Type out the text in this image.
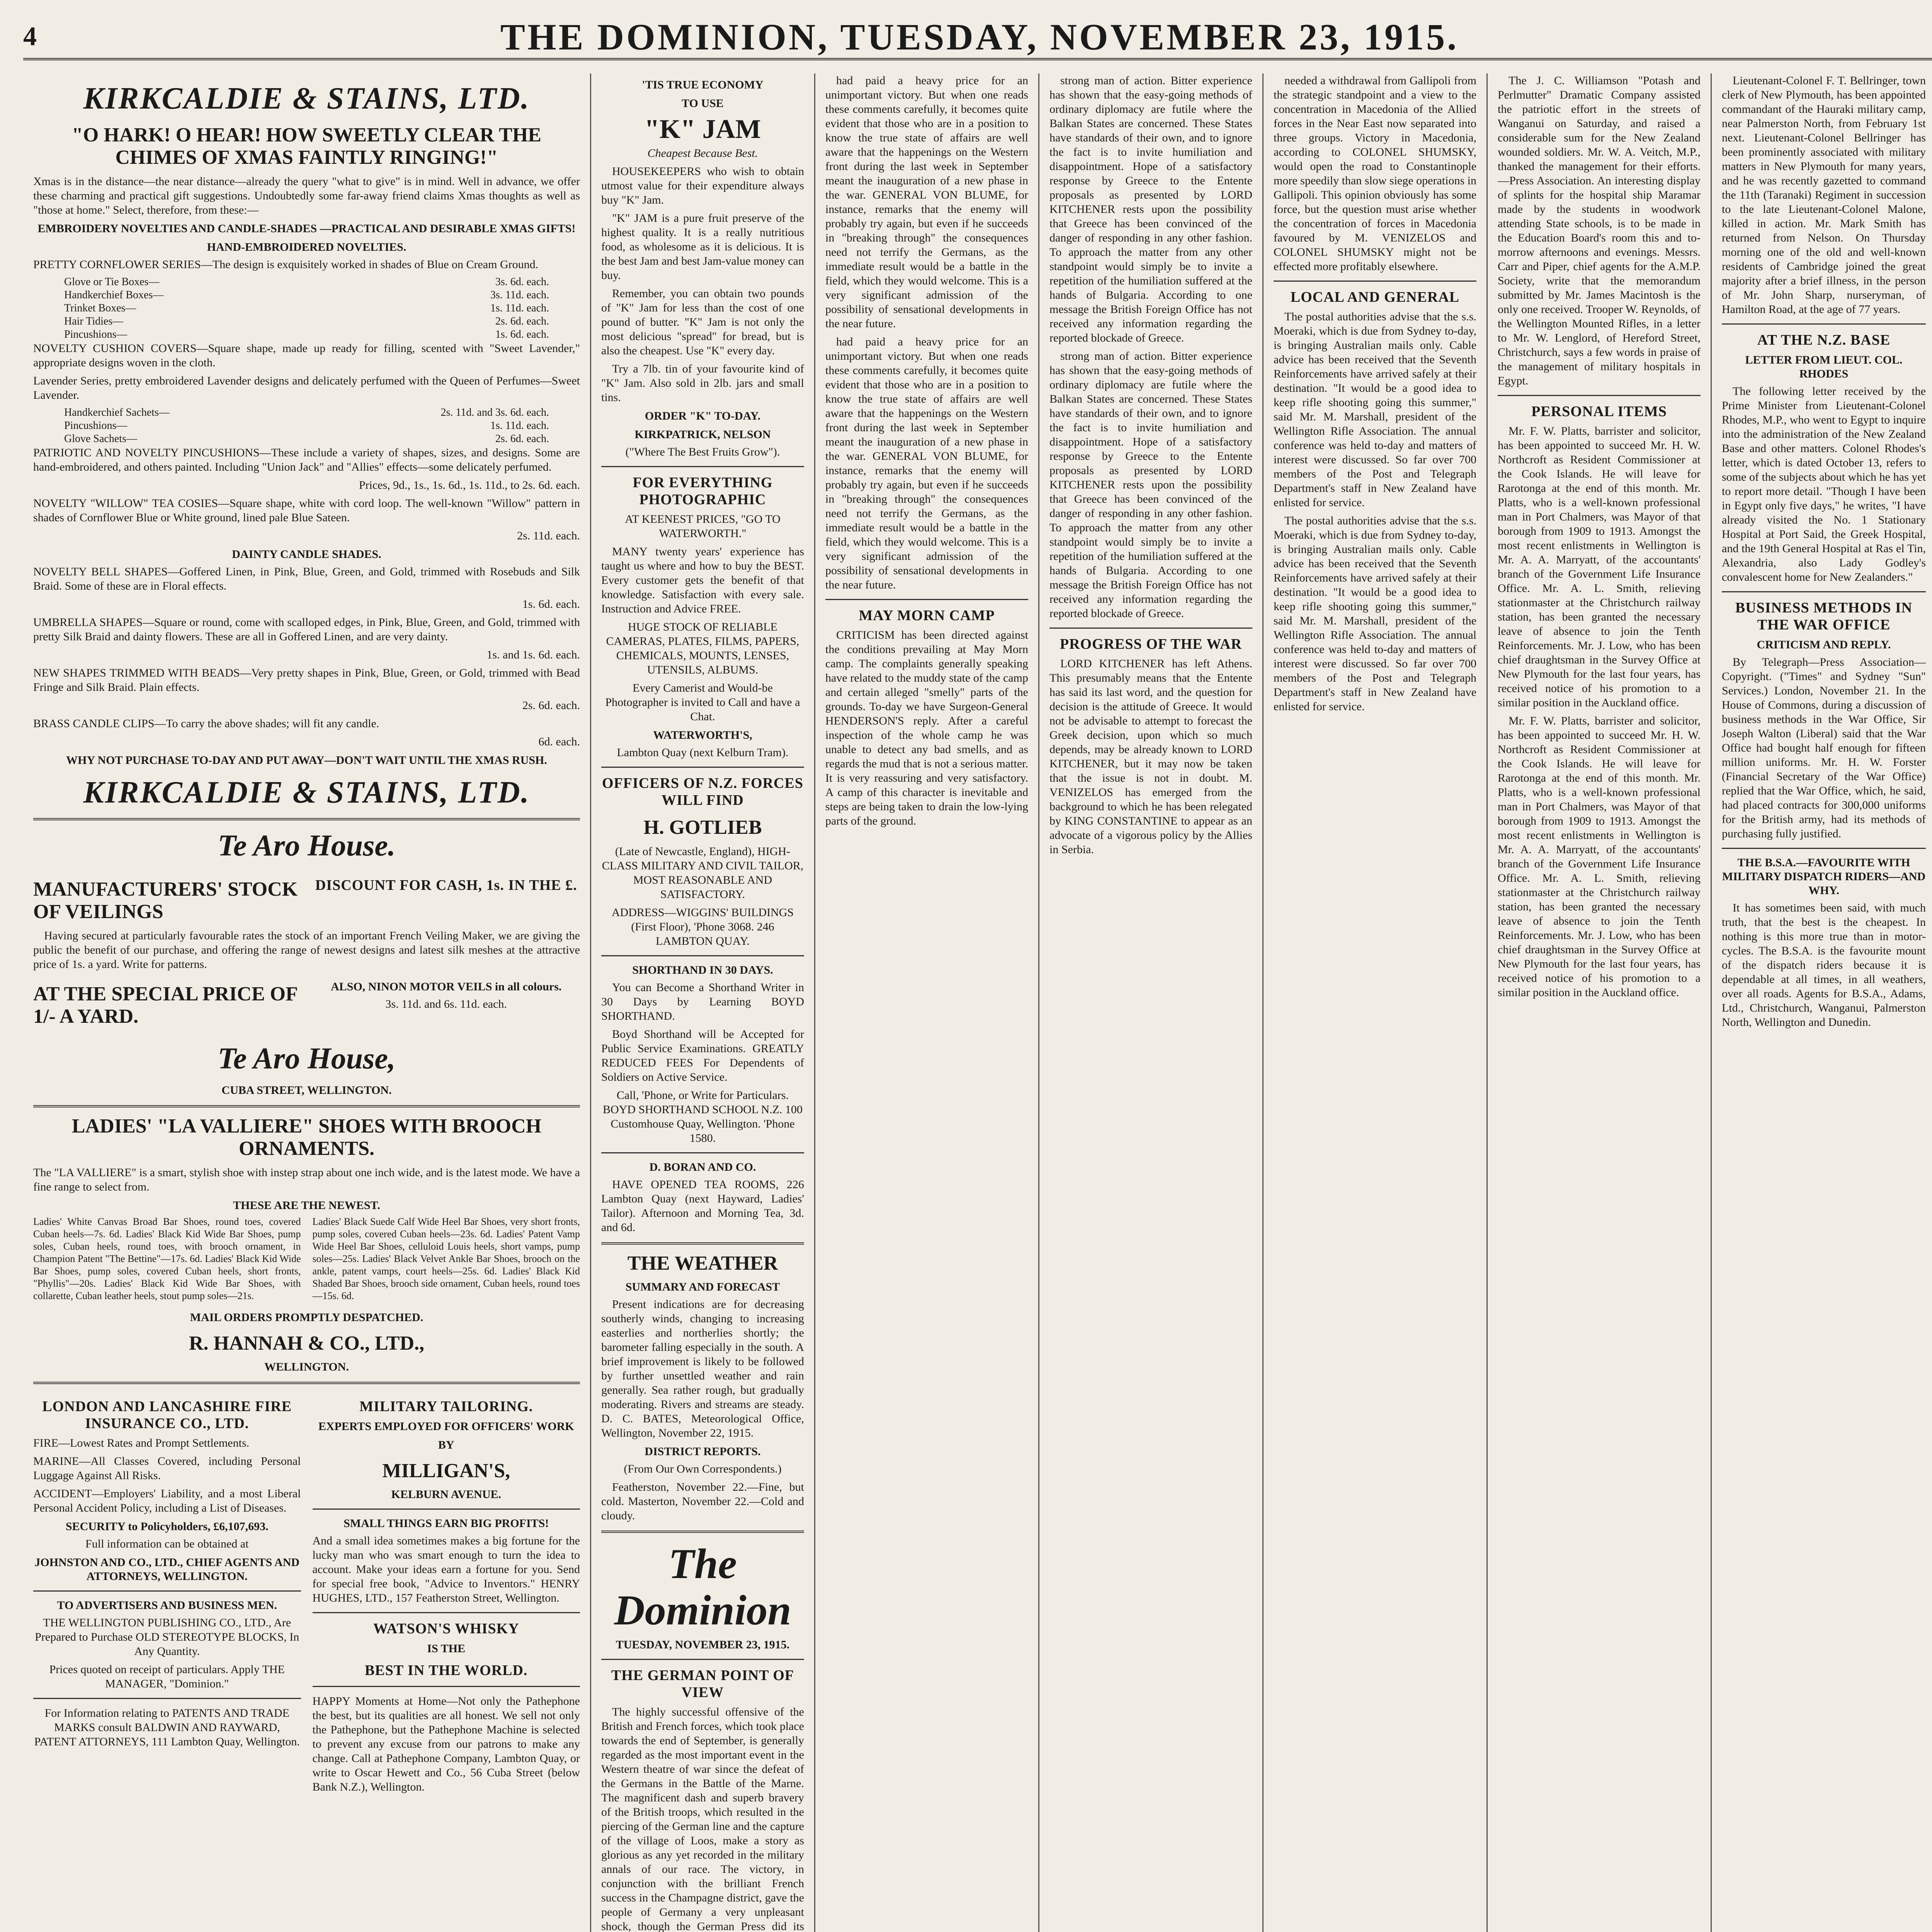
4	THE DOMINION, TUESDAY, NOVEMBER 23, 1915.
KIRKCALDIE & STAINS, LTD.
"O HARK! O HEAR! HOW SWEETLY CLEAR THE CHIMES OF XMAS FAINTLY RINGING!"

Xmas is in the distance—the near distance—already the query "what to give" is in mind. Well in advance, we offer these charming and practical gift suggestions. Undoubtedly some far-away friend claims Xmas thoughts as well as "those at home." Select, therefore, from these:—

EMBROIDERY NOVELTIES AND CANDLE-SHADES —PRACTICAL AND DESIRABLE XMAS GIFTS!
HAND-EMBROIDERED NOVELTIES.

PRETTY CORNFLOWER SERIES—The design is exquisitely worked in shades of Blue on Cream Ground.

Glove or Tie Boxes—	3s. 6d. each.
Handkerchief Boxes—	3s. 11d. each.
Trinket Boxes—	1s. 11d. each.
Hair Tidies—	2s. 6d. each.
Pincushions—	1s. 6d. each.

NOVELTY CUSHION COVERS—Square shape, made up ready for filling, scented with "Sweet Lavender," appropriate designs woven in the cloth.

Lavender Series, pretty embroidered Lavender designs and delicately perfumed with the Queen of Perfumes—Sweet Lavender.

Handkerchief Sachets—	2s. 11d. and 3s. 6d. each.
Pincushions—	1s. 11d. each.
Glove Sachets—	2s. 6d. each.

PATRIOTIC AND NOVELTY PINCUSHIONS—These include a variety of shapes, sizes, and designs. Some are hand-embroidered, and others painted. Including "Union Jack" and "Allies" effects—some delicately perfumed.

Prices, 9d., 1s., 1s. 6d., 1s. 11d., to 2s. 6d. each.

NOVELTY "WILLOW" TEA COSIES—Square shape, white with cord loop. The well-known "Willow" pattern in shades of Cornflower Blue or White ground, lined pale Blue Sateen.

2s. 11d. each.

DAINTY CANDLE SHADES.

NOVELTY BELL SHAPES—Goffered Linen, in Pink, Blue, Green, and Gold, trimmed with Rosebuds and Silk Braid. Some of these are in Floral effects.

1s. 6d. each.

UMBRELLA SHAPES—Square or round, come with scalloped edges, in Pink, Blue, Green, and Gold, trimmed with pretty Silk Braid and dainty flowers. These are all in Goffered Linen, and are very dainty.

1s. and 1s. 6d. each.

NEW SHAPES TRIMMED WITH BEADS—Very pretty shapes in Pink, Blue, Green, or Gold, trimmed with Bead Fringe and Silk Braid. Plain effects.

2s. 6d. each.

BRASS CANDLE CLIPS—To carry the above shades; will fit any candle.

6d. each.

WHY NOT PURCHASE TO-DAY AND PUT AWAY—DON'T WAIT UNTIL THE XMAS RUSH.
KIRKCALDIE & STAINS, LTD.
Te Aro House.
MANUFACTURERS' STOCK OF VEILINGS
DISCOUNT FOR CASH, 1s. IN THE £.

Having secured at particularly favourable rates the stock of an important French Veiling Maker, we are giving the public the benefit of our purchase, and offering the range of newest designs and latest silk meshes at the attractive price of 1s. a yard. Write for patterns.

AT THE SPECIAL PRICE OF 1/- A YARD.
ALSO, NINON MOTOR VEILS in all colours.

3s. 11d. and 6s. 11d. each.

Te Aro House,
CUBA STREET, WELLINGTON.
LADIES' "LA VALLIERE" SHOES WITH BROOCH ORNAMENTS.

The "LA VALLIERE" is a smart, stylish shoe with instep strap about one inch wide, and is the latest mode. We have a fine range to select from.

THESE ARE THE NEWEST.

Ladies' White Canvas Broad Bar Shoes, round toes, covered Cuban heels—7s. 6d. Ladies' Black Kid Wide Bar Shoes, pump soles, Cuban heels, round toes, with brooch ornament, in Champion Patent "The Bettine"—17s. 6d. Ladies' Black Kid Wide Bar Shoes, pump soles, covered Cuban heels, short fronts, "Phyllis"—20s. Ladies' Black Kid Wide Bar Shoes, with collarette, Cuban leather heels, stout pump soles—21s.

Ladies' Black Suede Calf Wide Heel Bar Shoes, very short fronts, pump soles, covered Cuban heels—23s. 6d. Ladies' Patent Vamp Wide Heel Bar Shoes, celluloid Louis heels, short vamps, pump soles—25s. Ladies' Black Velvet Ankle Bar Shoes, brooch on the ankle, patent vamps, court heels—25s. 6d. Ladies' Black Kid Shaded Bar Shoes, brooch side ornament, Cuban heels, round toes—15s. 6d.

MAIL ORDERS PROMPTLY DESPATCHED.
R. HANNAH & CO., LTD.,
WELLINGTON.
LONDON AND LANCASHIRE FIRE INSURANCE CO., LTD.

FIRE—Lowest Rates and Prompt Settlements.

MARINE—All Classes Covered, including Personal Luggage Against All Risks.

ACCIDENT—Employers' Liability, and a most Liberal Personal Accident Policy, including a List of Diseases.

SECURITY to Policyholders, £6,107,693.

Full information can be obtained at

JOHNSTON AND CO., LTD., CHIEF AGENTS AND ATTORNEYS, WELLINGTON.
TO ADVERTISERS AND BUSINESS MEN.

THE WELLINGTON PUBLISHING CO., LTD., Are Prepared to Purchase OLD STEREOTYPE BLOCKS, In Any Quantity.

Prices quoted on receipt of particulars. Apply THE MANAGER, "Dominion."

For Information relating to PATENTS AND TRADE MARKS consult BALDWIN AND RAYWARD, PATENT ATTORNEYS, 111 Lambton Quay, Wellington.

MILITARY TAILORING.
EXPERTS EMPLOYED FOR OFFICERS' WORK
BY
MILLIGAN'S,
KELBURN AVENUE.
SMALL THINGS EARN BIG PROFITS!

And a small idea sometimes makes a big fortune for the lucky man who was smart enough to turn the idea to account. Make your ideas earn a fortune for you. Send for special free book, "Advice to Inventors." HENRY HUGHES, LTD., 157 Featherston Street, Wellington.

WATSON'S WHISKY
IS THE
BEST IN THE WORLD.

HAPPY Moments at Home—Not only the Pathephone the best, but its qualities are all honest. We sell not only the Pathephone, but the Pathephone Machine is selected to prevent any excuse from our patrons to make any change. Call at Pathephone Company, Lambton Quay, or write to Oscar Hewett and Co., 56 Cuba Street (below Bank N.Z.), Wellington.

'TIS TRUE ECONOMY
TO USE
"K" JAM

Cheapest Because Best.

HOUSEKEEPERS who wish to obtain utmost value for their expenditure always buy "K" Jam.

"K" JAM is a pure fruit preserve of the highest quality. It is a really nutritious food, as wholesome as it is delicious. It is the best Jam and best Jam-value money can buy.

Remember, you can obtain two pounds of "K" Jam for less than the cost of one pound of butter. "K" Jam is not only the most delicious "spread" for bread, but is also the cheapest. Use "K" every day.

Try a 7lb. tin of your favourite kind of "K" Jam. Also sold in 2lb. jars and small tins.

ORDER "K" TO-DAY.
KIRKPATRICK, NELSON

("Where The Best Fruits Grow").

FOR EVERYTHING PHOTOGRAPHIC

AT KEENEST PRICES, "GO TO WATERWORTH."

MANY twenty years' experience has taught us where and how to buy the BEST. Every customer gets the benefit of that knowledge. Satisfaction with every sale. Instruction and Advice FREE.

HUGE STOCK OF RELIABLE CAMERAS, PLATES, FILMS, PAPERS, CHEMICALS, MOUNTS, LENSES, UTENSILS, ALBUMS.

Every Camerist and Would-be Photographer is invited to Call and have a Chat.

WATERWORTH'S,

Lambton Quay (next Kelburn Tram).

OFFICERS OF N.Z. FORCES WILL FIND
H. GOTLIEB

(Late of Newcastle, England), HIGH-CLASS MILITARY AND CIVIL TAILOR, MOST REASONABLE AND SATISFACTORY.

ADDRESS—WIGGINS' BUILDINGS (First Floor), 'Phone 3068. 246 LAMBTON QUAY.

SHORTHAND IN 30 DAYS.

You can Become a Shorthand Writer in 30 Days by Learning BOYD SHORTHAND.

Boyd Shorthand will be Accepted for Public Service Examinations. GREATLY REDUCED FEES For Dependents of Soldiers on Active Service.

Call, 'Phone, or Write for Particulars. BOYD SHORTHAND SCHOOL N.Z. 100 Customhouse Quay, Wellington. 'Phone 1580.

D. BORAN AND CO.

HAVE OPENED TEA ROOMS, 226 Lambton Quay (next Hayward, Ladies' Tailor). Afternoon and Morning Tea, 3d. and 6d.

THE WEATHER
SUMMARY AND FORECAST

Present indications are for decreasing southerly winds, changing to increasing easterlies and northerlies shortly; the barometer falling especially in the south. A brief improvement is likely to be followed by further unsettled weather and rain generally. Sea rather rough, but gradually moderating. Rivers and streams are steady. D. C. BATES, Meteorological Office, Wellington, November 22, 1915.

DISTRICT REPORTS.

(From Our Own Correspondents.)

Featherston, November 22.—Fine, but cold. Masterton, November 22.—Cold and cloudy.

The Dominion
TUESDAY, NOVEMBER 23, 1915.
THE GERMAN POINT OF VIEW

The highly successful offensive of the British and French forces, which took place towards the end of September, is generally regarded as the most important event in the Western theatre of war since the defeat of the Germans in the Battle of the Marne. The magnificent dash and superb bravery of the British troops, which resulted in the piercing of the German line and the capture of the village of Loos, make a story as glorious as any yet recorded in the military annals of our race. The victory, in conjunction with the brilliant French success in the Champagne district, gave the people of Germany a very unpleasant shock, though the German Press did its

had paid a heavy price for an unimportant victory. But when one reads these comments carefully, it becomes quite evident that those who are in a position to know the true state of affairs are well aware that the happenings on the Western front during the last week in September meant the inauguration of a new phase in the war. GENERAL VON BLUME, for instance, remarks that the enemy will probably try again, but even if he succeeds in "breaking through" the consequences need not terrify the Germans, as the immediate result would be a battle in the field, which they would welcome. This is a very significant admission of the possibility of sensational developments in the near future.

had paid a heavy price for an unimportant victory. But when one reads these comments carefully, it becomes quite evident that those who are in a position to know the true state of affairs are well aware that the happenings on the Western front during the last week in September meant the inauguration of a new phase in the war. GENERAL VON BLUME, for instance, remarks that the enemy will probably try again, but even if he succeeds in "breaking through" the consequences need not terrify the Germans, as the immediate result would be a battle in the field, which they would welcome. This is a very significant admission of the possibility of sensational developments in the near future.

MAY MORN CAMP

CRITICISM has been directed against the conditions prevailing at May Morn camp. The complaints generally speaking have related to the muddy state of the camp and certain alleged "smelly" parts of the grounds. To-day we have Surgeon-General HENDERSON'S reply. After a careful inspection of the whole camp he was unable to detect any bad smells, and as regards the mud that is not a serious matter. It is very reassuring and very satisfactory. A camp of this character is inevitable and steps are being taken to drain the low-lying parts of the ground.

strong man of action. Bitter experience has shown that the easy-going methods of ordinary diplomacy are futile where the Balkan States are concerned. These States have standards of their own, and to ignore the fact is to invite humiliation and disappointment. Hope of a satisfactory response by Greece to the Entente proposals as presented by LORD KITCHENER rests upon the possibility that Greece has been convinced of the danger of responding in any other fashion. To approach the matter from any other standpoint would simply be to invite a repetition of the humiliation suffered at the hands of Bulgaria. According to one message the British Foreign Office has not received any information regarding the reported blockade of Greece.

strong man of action. Bitter experience has shown that the easy-going methods of ordinary diplomacy are futile where the Balkan States are concerned. These States have standards of their own, and to ignore the fact is to invite humiliation and disappointment. Hope of a satisfactory response by Greece to the Entente proposals as presented by LORD KITCHENER rests upon the possibility that Greece has been convinced of the danger of responding in any other fashion. To approach the matter from any other standpoint would simply be to invite a repetition of the humiliation suffered at the hands of Bulgaria. According to one message the British Foreign Office has not received any information regarding the reported blockade of Greece.

PROGRESS OF THE WAR

LORD KITCHENER has left Athens. This presumably means that the Entente has said its last word, and the question for decision is the attitude of Greece. It would not be advisable to attempt to forecast the Greek decision, upon which so much depends, may be already known to LORD KITCHENER, but it may now be taken that the issue is not in doubt. M. VENIZELOS has emerged from the background to which he has been relegated by KING CONSTANTINE to appear as an advocate of a vigorous policy by the Allies in Serbia.

needed a withdrawal from Gallipoli from the strategic standpoint and a view to the concentration in Macedonia of the Allied forces in the Near East now separated into three groups. Victory in Macedonia, according to COLONEL SHUMSKY, would open the road to Constantinople more speedily than slow siege operations in Gallipoli. This opinion obviously has some force, but the question must arise whether the concentration of forces in Macedonia favoured by M. VENIZELOS and COLONEL SHUMSKY might not be effected more profitably elsewhere.

LOCAL AND GENERAL

The postal authorities advise that the s.s. Moeraki, which is due from Sydney to-day, is bringing Australian mails only. Cable advice has been received that the Seventh Reinforcements have arrived safely at their destination. "It would be a good idea to keep rifle shooting going this summer," said Mr. M. Marshall, president of the Wellington Rifle Association. The annual conference was held to-day and matters of interest were discussed. So far over 700 members of the Post and Telegraph Department's staff in New Zealand have enlisted for service.

The postal authorities advise that the s.s. Moeraki, which is due from Sydney to-day, is bringing Australian mails only. Cable advice has been received that the Seventh Reinforcements have arrived safely at their destination. "It would be a good idea to keep rifle shooting going this summer," said Mr. M. Marshall, president of the Wellington Rifle Association. The annual conference was held to-day and matters of interest were discussed. So far over 700 members of the Post and Telegraph Department's staff in New Zealand have enlisted for service.

The J. C. Williamson "Potash and Perlmutter" Dramatic Company assisted the patriotic effort in the streets of Wanganui on Saturday, and raised a considerable sum for the New Zealand wounded soldiers. Mr. W. A. Veitch, M.P., thanked the management for their efforts.—Press Association. An interesting display of splints for the hospital ship Maramar made by the students in woodwork attending State schools, is to be made in the Education Board's room this and to-morrow afternoons and evenings. Messrs. Carr and Piper, chief agents for the A.M.P. Society, write that the memorandum submitted by Mr. James Macintosh is the only one received. Trooper W. Reynolds, of the Wellington Mounted Rifles, in a letter to Mr. W. Lenglord, of Hereford Street, Christchurch, says a few words in praise of the management of military hospitals in Egypt.

PERSONAL ITEMS

Mr. F. W. Platts, barrister and solicitor, has been appointed to succeed Mr. H. W. Northcroft as Resident Commissioner at the Cook Islands. He will leave for Rarotonga at the end of this month. Mr. Platts, who is a well-known professional man in Port Chalmers, was Mayor of that borough from 1909 to 1913. Amongst the most recent enlistments in Wellington is Mr. A. A. Marryatt, of the accountants' branch of the Government Life Insurance Office. Mr. A. L. Smith, relieving stationmaster at the Christchurch railway station, has been granted the necessary leave of absence to join the Tenth Reinforcements. Mr. J. Low, who has been chief draughtsman in the Survey Office at New Plymouth for the last four years, has received notice of his promotion to a similar position in the Auckland office.

Mr. F. W. Platts, barrister and solicitor, has been appointed to succeed Mr. H. W. Northcroft as Resident Commissioner at the Cook Islands. He will leave for Rarotonga at the end of this month. Mr. Platts, who is a well-known professional man in Port Chalmers, was Mayor of that borough from 1909 to 1913. Amongst the most recent enlistments in Wellington is Mr. A. A. Marryatt, of the accountants' branch of the Government Life Insurance Office. Mr. A. L. Smith, relieving stationmaster at the Christchurch railway station, has been granted the necessary leave of absence to join the Tenth Reinforcements. Mr. J. Low, who has been chief draughtsman in the Survey Office at New Plymouth for the last four years, has received notice of his promotion to a similar position in the Auckland office.

Lieutenant-Colonel F. T. Bellringer, town clerk of New Plymouth, has been appointed commandant of the Hauraki military camp, near Palmerston North, from February 1st next. Lieutenant-Colonel Bellringer has been prominently associated with military matters in New Plymouth for many years, and he was recently gazetted to command the 11th (Taranaki) Regiment in succession to the late Lieutenant-Colonel Malone, killed in action. Mr. Mark Smith has returned from Nelson. On Thursday morning one of the old and well-known residents of Cambridge joined the great majority after a brief illness, in the person of Mr. John Sharp, nurseryman, of Hamilton Road, at the age of 77 years.

AT THE N.Z. BASE
LETTER FROM LIEUT. COL. RHODES

The following letter received by the Prime Minister from Lieutenant-Colonel Rhodes, M.P., who went to Egypt to inquire into the administration of the New Zealand Base and other matters. Colonel Rhodes's letter, which is dated October 13, refers to some of the subjects about which he has yet to report more detail. "Though I have been in Egypt only five days," he writes, "I have already visited the No. 1 Stationary Hospital at Port Said, the Greek Hospital, and the 19th General Hospital at Ras el Tin, Alexandria, also Lady Godley's convalescent home for New Zealanders."

BUSINESS METHODS IN THE WAR OFFICE
CRITICISM AND REPLY.

By Telegraph—Press Association—Copyright. ("Times" and Sydney "Sun" Services.) London, November 21. In the House of Commons, during a discussion of business methods in the War Office, Sir Joseph Walton (Liberal) said that the War Office had bought half enough for fifteen million uniforms. Mr. H. W. Forster (Financial Secretary of the War Office) replied that the War Office, which, he said, had placed contracts for 300,000 uniforms for the British army, had its methods of purchasing fully justified.

THE B.S.A.—FAVOURITE WITH MILITARY DISPATCH RIDERS—AND WHY.

It has sometimes been said, with much truth, that the best is the cheapest. In nothing is this more true than in motor-cycles. The B.S.A. is the favourite mount of the dispatch riders because it is dependable at all times, in all weathers, over all roads. Agents for B.S.A., Adams, Ltd., Christchurch, Wanganui, Palmerston North, Wellington and Dunedin.
